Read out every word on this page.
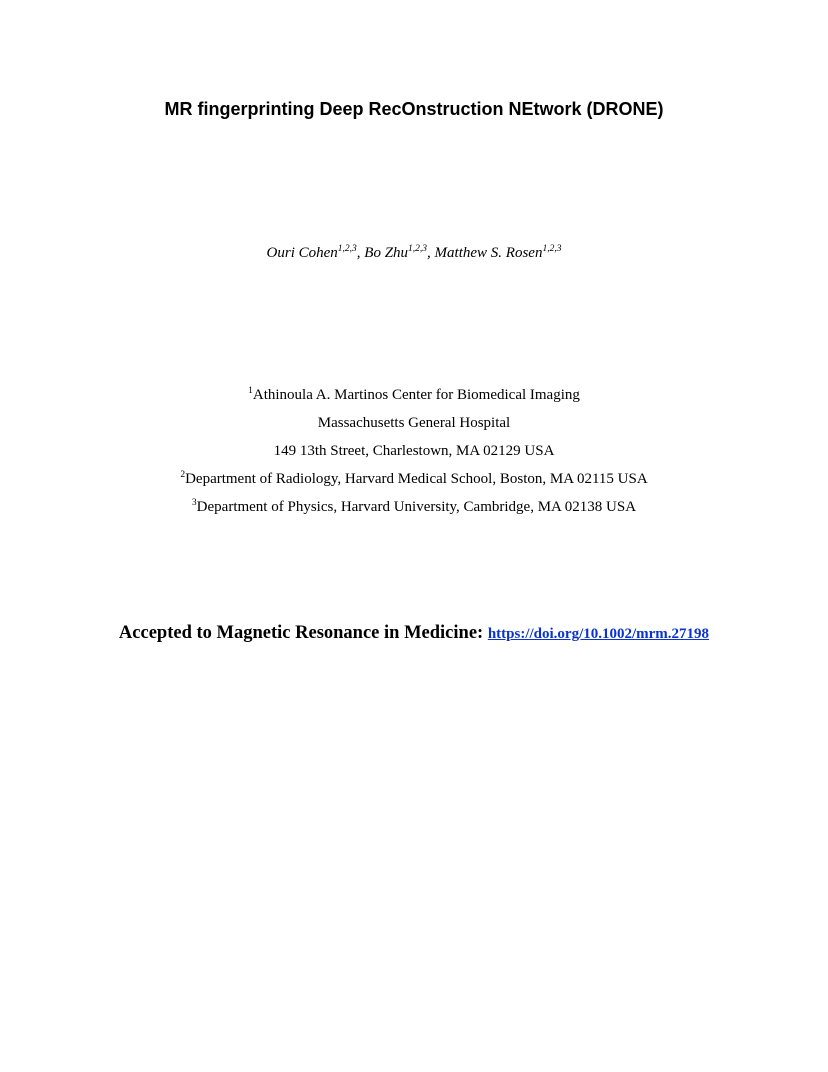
MR fingerprinting Deep RecOnstruction NEtwork (DRONE)
Ouri Cohen$^{1,2,3}$, Bo Zhu$^{1,2,3}$, Matthew S. Rosen$^{1,2,3}$
$^1$Athinoula A. Martinos Center for Biomedical Imaging
Massachusetts General Hospital
149 13th Street, Charlestown, MA 02129 USA
$^2$Department of Radiology, Harvard Medical School, Boston, MA 02115 USA
$^3$Department of Physics, Harvard University, Cambridge, MA 02138 USA
Accepted to Magnetic Resonance in Medicine: https://doi.org/10.1002/mrm.27198
